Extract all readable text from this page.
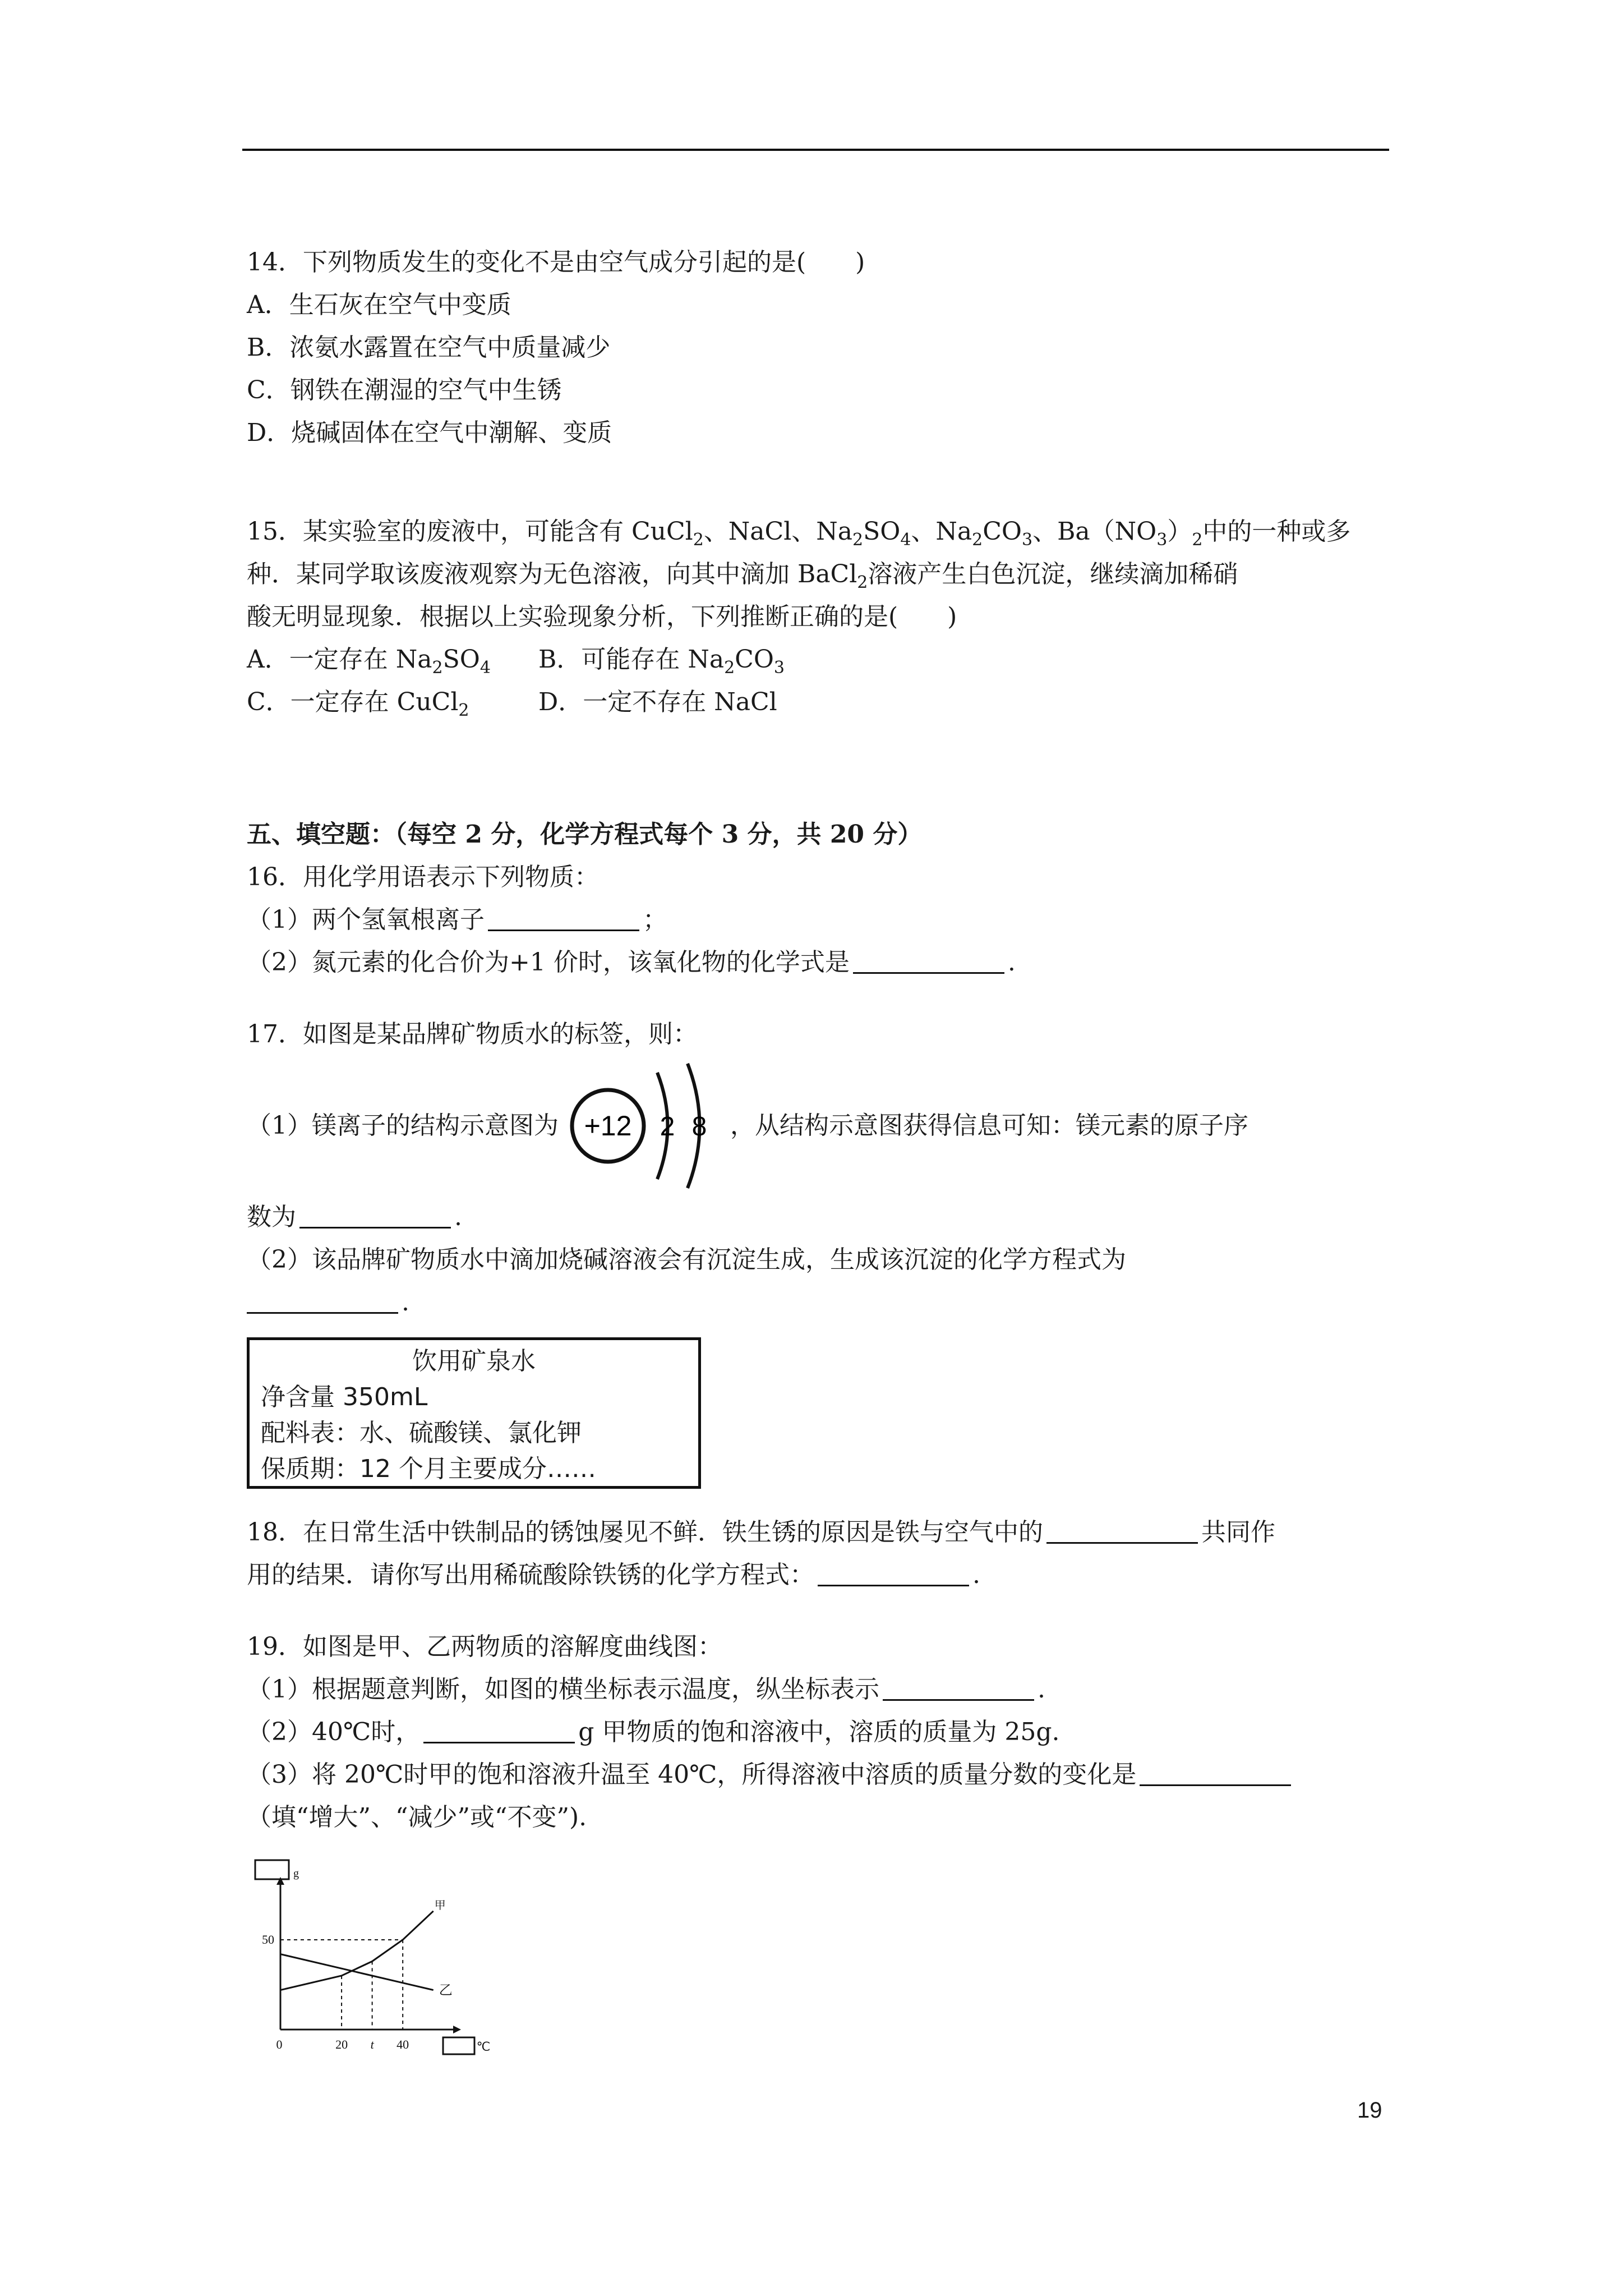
14．下列物质发生的变化不是由空气成分引起的是(　　)
A．生石灰在空气中变质
B．浓氨水露置在空气中质量减少
C．钢铁在潮湿的空气中生锈
D．烧碱固体在空气中潮解、变质
15．某实验室的废液中，可能含有 CuCl$_2$、NaCl、$Na_2SO_4$、$Na_2CO_3$、$Ba(NO_3)_2$中的一种或多
种．某同学取该废液观察为无色溶液，向其中滴加 BaCl$_2$溶液产生白色沉淀，继续滴加稀硝
酸无明显现象．根据以上实验现象分析，下列推断正确的是(　　)
A．一定存在 $Na_2SO_4$ B．可能存在 $Na_2CO_3$
C．一定存在 CuCl$_2$	D．一定不存在 NaCl
五、填空题：（每空 2 分，化学方程式每个 3 分，共 20 分）
16．用化学用语表示下列物质：
（1）两个氢氧根离子	；
（2）氮元素的化合价为+1 价时，该氧化物的化学式是	.
17．如图是某品牌矿物质水的标签，则：
（1）镁离子的结构示意图为 +12 2 8 ，从结构示意图获得信息可知：镁元素的原子序
数为	.
（2）该品牌矿物质水中滴加烧碱溶液会有沉淀生成，生成该沉淀的化学方程式为
.
饮用矿泉水
净含量 350mL
配料表：水、硫酸镁、氯化钾
保质期：12 个月主要成分……
18．在日常生活中铁制品的锈蚀屡见不鲜．铁生锈的原因是铁与空气中的	共同作
用的结果．请你写出用稀硫酸除铁锈的化学方程式：	.
19．如图是甲、乙两物质的溶解度曲线图：
（1）根据题意判断，如图的横坐标表示温度，纵坐标表示	.
（2）40℃时，	g 甲物质的饱和溶液中，溶质的质量为 25g.
（3）将 20℃时甲的饱和溶液升温至 40℃，所得溶液中溶质的质量分数的变化是
（填“增大”、“减少”或“不变”).
g
℃
50
甲
乙
0	20 t 40
19
